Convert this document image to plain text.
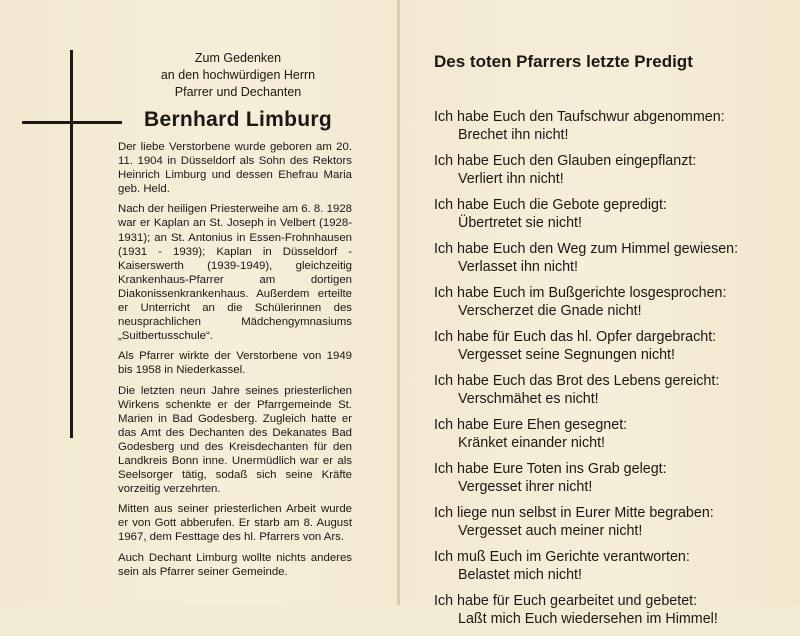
Zum Gedenken
an den hochwürdigen Herrn
Pfarrer und Dechanten
Bernhard Limburg

Der liebe Verstorbene wurde geboren am 20. 11. 1904 in Düsseldorf als Sohn des Rektors Heinrich Limburg und dessen Ehefrau Maria geb. Held.

Nach der heiligen Priesterweihe am 6. 8. 1928 war er Kaplan an St. Joseph in Velbert (1928-1931); an St. Antonius in Essen-Frohnhausen (1931 - 1939); Kaplan in Düsseldorf - Kaiserswerth (1939-1949), gleichzeitig Krankenhaus-Pfarrer am dortigen Diakonissenkrankenhaus. Außerdem erteilte er Unterricht an die Schülerinnen des neusprachlichen Mädchengymnasiums „Suitbertusschule“.

Als Pfarrer wirkte der Verstorbene von 1949 bis 1958 in Niederkassel.

Die letzten neun Jahre seines priesterlichen Wirkens schenkte er der Pfarrgemeinde St. Marien in Bad Godesberg. Zugleich hatte er das Amt des Dechanten des Dekanates Bad Godesberg und des Kreisdechanten für den Landkreis Bonn inne. Unermüdlich war er als Seelsorger tätig, sodaß sich seine Kräfte vorzeitig verzehrten.

Mitten aus seiner priesterlichen Arbeit wurde er von Gott abberufen. Er starb am 8. August 1967, dem Festtage des hl. Pfarrers von Ars.

Auch Dechant Limburg wollte nichts anderes sein als Pfarrer seiner Gemeinde.

Des toten Pfarrers letzte Predigt
Ich habe Euch den Taufschwur abgenommen:
Brechet ihn nicht!
Ich habe Euch den Glauben eingepflanzt:
Verliert ihn nicht!
Ich habe Euch die Gebote gepredigt:
Übertretet sie nicht!
Ich habe Euch den Weg zum Himmel gewiesen:
Verlasset ihn nicht!
Ich habe Euch im Bußgerichte losgesprochen:
Verscherzet die Gnade nicht!
Ich habe für Euch das hl. Opfer dargebracht:
Vergesset seine Segnungen nicht!
Ich habe Euch das Brot des Lebens gereicht:
Verschmähet es nicht!
Ich habe Eure Ehen gesegnet:
Kränket einander nicht!
Ich habe Eure Toten ins Grab gelegt:
Vergesset ihrer nicht!
Ich liege nun selbst in Eurer Mitte begraben:
Vergesset auch meiner nicht!
Ich muß Euch im Gerichte verantworten:
Belastet mich nicht!
Ich habe für Euch gearbeitet und gebetet:
Laßt mich Euch wiedersehen im Himmel!
